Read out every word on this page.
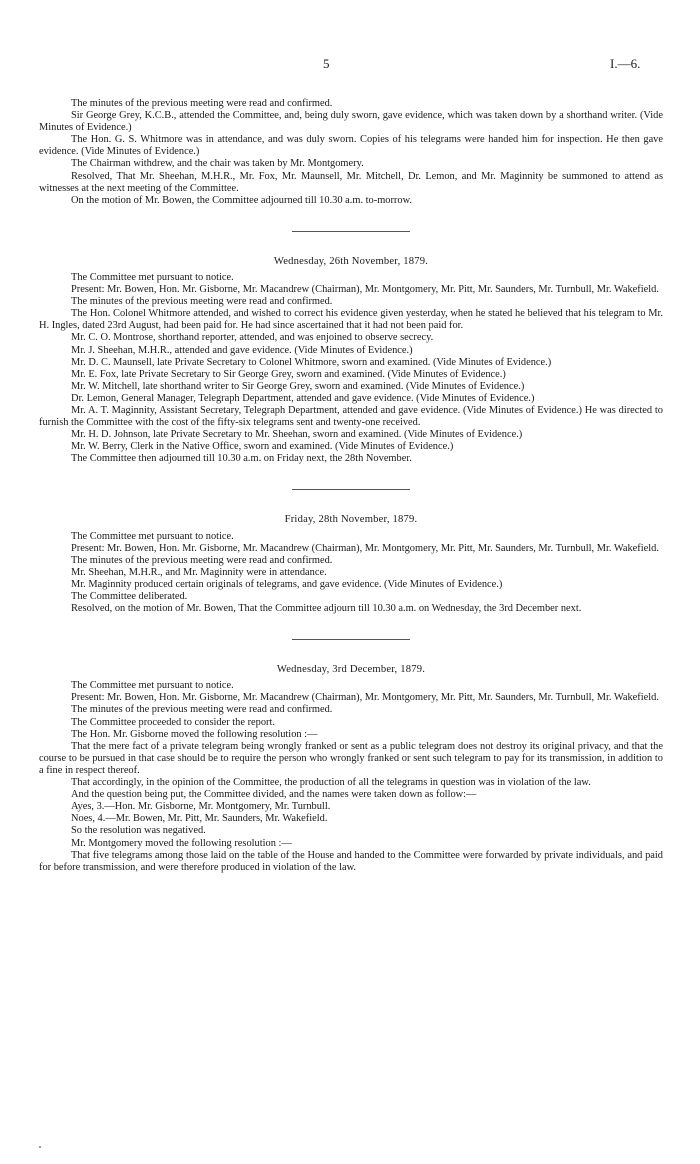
5	I.—6.

The minutes of the previous meeting were read and confirmed.

Sir George Grey, K.C.B., attended the Committee, and, being duly sworn, gave evidence, which was taken down by a shorthand writer. (Vide Minutes of Evidence.)

The Hon. G. S. Whitmore was in attendance, and was duly sworn. Copies of his telegrams were handed him for inspection. He then gave evidence. (Vide Minutes of Evidence.)

The Chairman withdrew, and the chair was taken by Mr. Montgomery.

Resolved, That Mr. Sheehan, M.H.R., Mr. Fox, Mr. Maunsell, Mr. Mitchell, Dr. Lemon, and Mr. Maginnity be summoned to attend as witnesses at the next meeting of the Committee.

On the motion of Mr. Bowen, the Committee adjourned till 10.30 a.m. to-morrow.

Wednesday, 26th November, 1879.

The Committee met pursuant to notice.

Present: Mr. Bowen, Hon. Mr. Gisborne, Mr. Macandrew (Chairman), Mr. Montgomery, Mr. Pitt, Mr. Saunders, Mr. Turnbull, Mr. Wakefield.

The minutes of the previous meeting were read and confirmed.

The Hon. Colonel Whitmore attended, and wished to correct his evidence given yesterday, when he stated he believed that his telegram to Mr. H. Ingles, dated 23rd August, had been paid for. He had since ascertained that it had not been paid for.

Mr. C. O. Montrose, shorthand reporter, attended, and was enjoined to observe secrecy.

Mr. J. Sheehan, M.H.R., attended and gave evidence. (Vide Minutes of Evidence.)

Mr. D. C. Maunsell, late Private Secretary to Colonel Whitmore, sworn and examined. (Vide Minutes of Evidence.)

Mr. E. Fox, late Private Secretary to Sir George Grey, sworn and examined. (Vide Minutes of Evidence.)

Mr. W. Mitchell, late shorthand writer to Sir George Grey, sworn and examined. (Vide Minutes of Evidence.)

Dr. Lemon, General Manager, Telegraph Department, attended and gave evidence. (Vide Minutes of Evidence.)

Mr. A. T. Maginnity, Assistant Secretary, Telegraph Department, attended and gave evidence. (Vide Minutes of Evidence.) He was directed to furnish the Committee with the cost of the fifty-six telegrams sent and twenty-one received.

Mr. H. D. Johnson, late Private Secretary to Mr. Sheehan, sworn and examined. (Vide Minutes of Evidence.)

Mr. W. Berry, Clerk in the Native Office, sworn and examined. (Vide Minutes of Evidence.)

The Committee then adjourned till 10.30 a.m. on Friday next, the 28th November.

Friday, 28th November, 1879.

The Committee met pursuant to notice.

Present: Mr. Bowen, Hon. Mr. Gisborne, Mr. Macandrew (Chairman), Mr. Montgomery, Mr. Pitt, Mr. Saunders, Mr. Turnbull, Mr. Wakefield.

The minutes of the previous meeting were read and confirmed.

Mr. Sheehan, M.H.R., and Mr. Maginnity were in attendance.

Mr. Maginnity produced certain originals of telegrams, and gave evidence. (Vide Minutes of Evidence.)

The Committee deliberated.

Resolved, on the motion of Mr. Bowen, That the Committee adjourn till 10.30 a.m. on Wednesday, the 3rd December next.

Wednesday, 3rd December, 1879.

The Committee met pursuant to notice.

Present: Mr. Bowen, Hon. Mr. Gisborne, Mr. Macandrew (Chairman), Mr. Montgomery, Mr. Pitt, Mr. Saunders, Mr. Turnbull, Mr. Wakefield.

The minutes of the previous meeting were read and confirmed.

The Committee proceeded to consider the report.

The Hon. Mr. Gisborne moved the following resolution :—

That the mere fact of a private telegram being wrongly franked or sent as a public telegram does not destroy its original privacy, and that the course to be pursued in that case should be to require the person who wrongly franked or sent such telegram to pay for its transmission, in addition to a fine in respect thereof.

That accordingly, in the opinion of the Committee, the production of all the telegrams in question was in violation of the law.

And the question being put, the Committee divided, and the names were taken down as follow:—

Ayes, 3.—Hon. Mr. Gisborne, Mr. Montgomery, Mr. Turnbull.

Noes, 4.—Mr. Bowen, Mr. Pitt, Mr. Saunders, Mr. Wakefield.

So the resolution was negatived.

Mr. Montgomery moved the following resolution :—

That five telegrams among those laid on the table of the House and handed to the Committee were forwarded by private individuals, and paid for before transmission, and were therefore produced in violation of the law.
